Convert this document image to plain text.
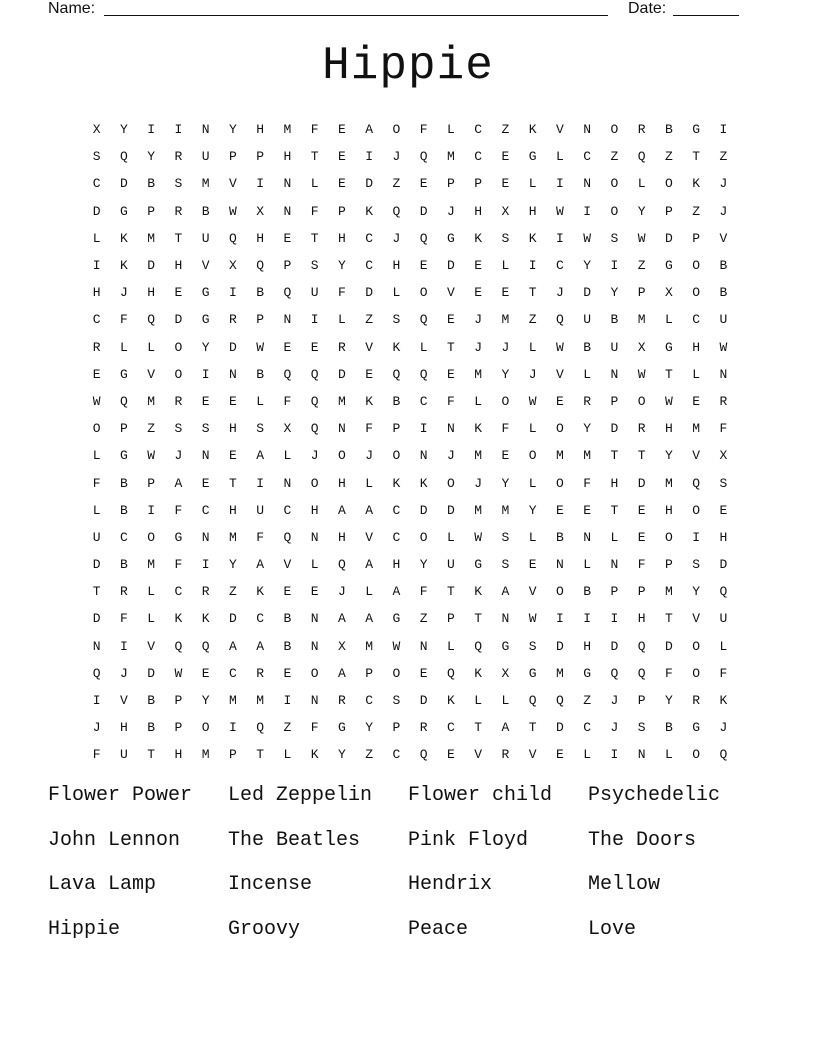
Name:	Date:
Hippie
X	Y	I	I	N	Y	H	M	F	E	A	O	F	L	C	Z	K	V	N	O	R	B	G	I
S	Q	Y	R	U	P	P	H	T	E	I	J	Q	M	C	E	G	L	C	Z	Q	Z	T	Z
C	D	B	S	M	V	I	N	L	E	D	Z	E	P	P	E	L	I	N	O	L	O	K	J
D	G	P	R	B	W	X	N	F	P	K	Q	D	J	H	X	H	W	I	O	Y	P	Z	J
L	K	M	T	U	Q	H	E	T	H	C	J	Q	G	K	S	K	I	W	S	W	D	P	V
I	K	D	H	V	X	Q	P	S	Y	C	H	E	D	E	L	I	C	Y	I	Z	G	O	B
H	J	H	E	G	I	B	Q	U	F	D	L	O	V	E	E	T	J	D	Y	P	X	O	B
C	F	Q	D	G	R	P	N	I	L	Z	S	Q	E	J	M	Z	Q	U	B	M	L	C	U
R	L	L	O	Y	D	W	E	E	R	V	K	L	T	J	J	L	W	B	U	X	G	H	W
E	G	V	O	I	N	B	Q	Q	D	E	Q	Q	E	M	Y	J	V	L	N	W	T	L	N
W	Q	M	R	E	E	L	F	Q	M	K	B	C	F	L	O	W	E	R	P	O	W	E	R
O	P	Z	S	S	H	S	X	Q	N	F	P	I	N	K	F	L	O	Y	D	R	H	M	F
L	G	W	J	N	E	A	L	J	O	J	O	N	J	M	E	O	M	M	T	T	Y	V	X
F	B	P	A	E	T	I	N	O	H	L	K	K	O	J	Y	L	O	F	H	D	M	Q	S
L	B	I	F	C	H	U	C	H	A	A	C	D	D	M	M	Y	E	E	T	E	H	O	E
U	C	O	G	N	M	F	Q	N	H	V	C	O	L	W	S	L	B	N	L	E	O	I	H
D	B	M	F	I	Y	A	V	L	Q	A	H	Y	U	G	S	E	N	L	N	F	P	S	D
T	R	L	C	R	Z	K	E	E	J	L	A	F	T	K	A	V	O	B	P	P	M	Y	Q
D	F	L	K	K	D	C	B	N	A	A	G	Z	P	T	N	W	I	I	I	H	T	V	U
N	I	V	Q	Q	A	A	B	N	X	M	W	N	L	Q	G	S	D	H	D	Q	D	O	L
Q	J	D	W	E	C	R	E	O	A	P	O	E	Q	K	X	G	M	G	Q	Q	F	O	F
I	V	B	P	Y	M	M	I	N	R	C	S	D	K	L	L	Q	Q	Z	J	P	Y	R	K
J	H	B	P	O	I	Q	Z	F	G	Y	P	R	C	T	A	T	D	C	J	S	B	G	J
F	U	T	H	M	P	T	L	K	Y	Z	C	Q	E	V	R	V	E	L	I	N	L	O	Q
Flower Power	Led Zeppelin	Flower child	Psychedelic
John Lennon	The Beatles	Pink Floyd	The Doors
Lava Lamp	Incense	Hendrix	Mellow
Hippie	Groovy	Peace	Love
